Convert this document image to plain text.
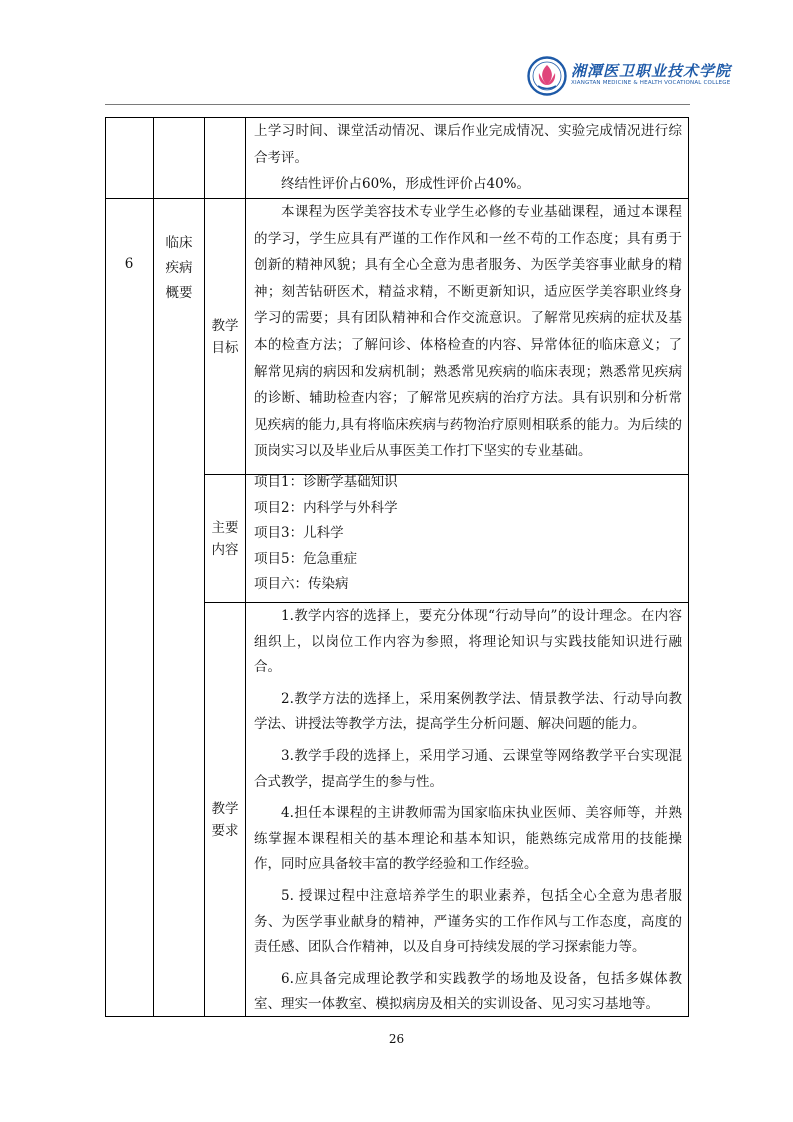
湘潭医卫职业技术学院
XIANGTAN MEDICINE & HEALTH VOCATIONAL COLLEGE

上学习时间、课堂活动情况、课后作业完成情况、实验完成情况进行综合考评。

终结性评价占60%，形成性评价占40%。

6
临床
疾病
概要
教学
目标
本课程为医学美容技术专业学生必修的专业基础课程，通过本课程的学习，学生应具有严谨的工作作风和一丝不苟的工作态度；具有勇于创新的精神风貌；具有全心全意为患者服务、为医学美容事业献身的精神；刻苦钻研医术，精益求精，不断更新知识，适应医学美容职业终身学习的需要；具有团队精神和合作交流意识。了解常见疾病的症状及基本的检查方法；了解问诊、体格检查的内容、异常体征的临床意义；了解常见病的病因和发病机制；熟悉常见疾病的临床表现；熟悉常见疾病的诊断、辅助检查内容；了解常见疾病的治疗方法。具有识别和分析常见疾病的能力,具有将临床疾病与药物治疗原则相联系的能力。为后续的顶岗实习以及毕业后从事医美工作打下坚实的专业基础。
主要
内容

项目1：诊断学基础知识

项目2：内科学与外科学

项目3：儿科学

项目5：危急重症

项目六：传染病

教学
要求

1.教学内容的选择上，要充分体现“行动导向”的设计理念。在内容组织上，以岗位工作内容为参照，将理论知识与实践技能知识进行融合。

2.教学方法的选择上，采用案例教学法、情景教学法、行动导向教学法、讲授法等教学方法，提高学生分析问题、解决问题的能力。

3.教学手段的选择上，采用学习通、云课堂等网络教学平台实现混合式教学，提高学生的参与性。

4.担任本课程的主讲教师需为国家临床执业医师、美容师等，并熟练掌握本课程相关的基本理论和基本知识，能熟练完成常用的技能操作，同时应具备较丰富的教学经验和工作经验。

5. 授课过程中注意培养学生的职业素养，包括全心全意为患者服务、为医学事业献身的精神，严谨务实的工作作风与工作态度，高度的责任感、团队合作精神，以及自身可持续发展的学习探索能力等。

6.应具备完成理论教学和实践教学的场地及设备，包括多媒体教室、理实一体教室、模拟病房及相关的实训设备、见习实习基地等。

26
